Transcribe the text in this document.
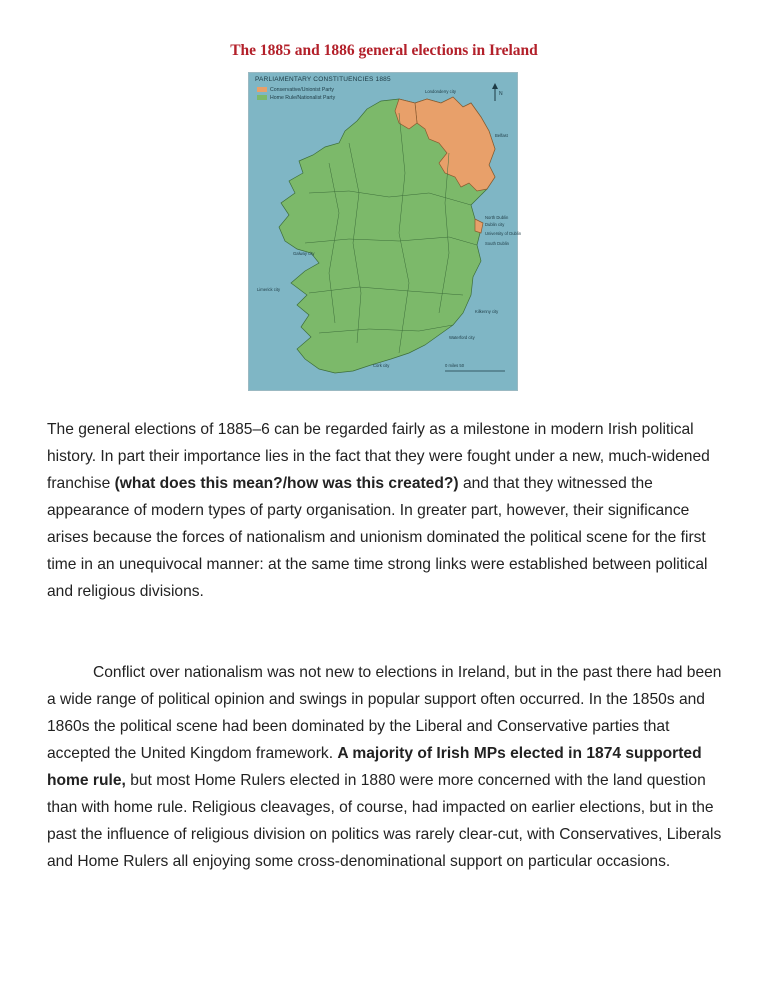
The 1885 and 1886 general elections in Ireland
N
Londonderry city
Belfast
North Dublin
Dublin city
University of Dublin
South Dublin
Galway city
Limerick city
Kilkenny city
Waterford city
Cork city	0 miles 50
PARLIAMENTARY CONSTITUENCIES 1885
Conservative/Unionist Party
Home Rule/Nationalist Party

The general elections of 1885–6 can be regarded fairly as a milestone in modern Irish political history. In part their importance lies in the fact that they were fought under a new, much-widened franchise (what does this mean?/how was this created?) and that they witnessed the appearance of modern types of party organisation. In greater part, however, their significance arises because the forces of nationalism and unionism dominated the political scene for the first time in an unequivocal manner: at the same time strong links were established between political and religious divisions.

Conflict over nationalism was not new to elections in Ireland, but in the past there had been a wide range of political opinion and swings in popular support often occurred. In the 1850s and 1860s the political scene had been dominated by the Liberal and Conservative parties that accepted the United Kingdom framework. A majority of Irish MPs elected in 1874 supported home rule, but most Home Rulers elected in 1880 were more concerned with the land question than with home rule. Religious cleavages, of course, had impacted on earlier elections, but in the past the influence of religious division on politics was rarely clear-cut, with Conservatives, Liberals and Home Rulers all enjoying some cross-denominational support on particular occasions.
